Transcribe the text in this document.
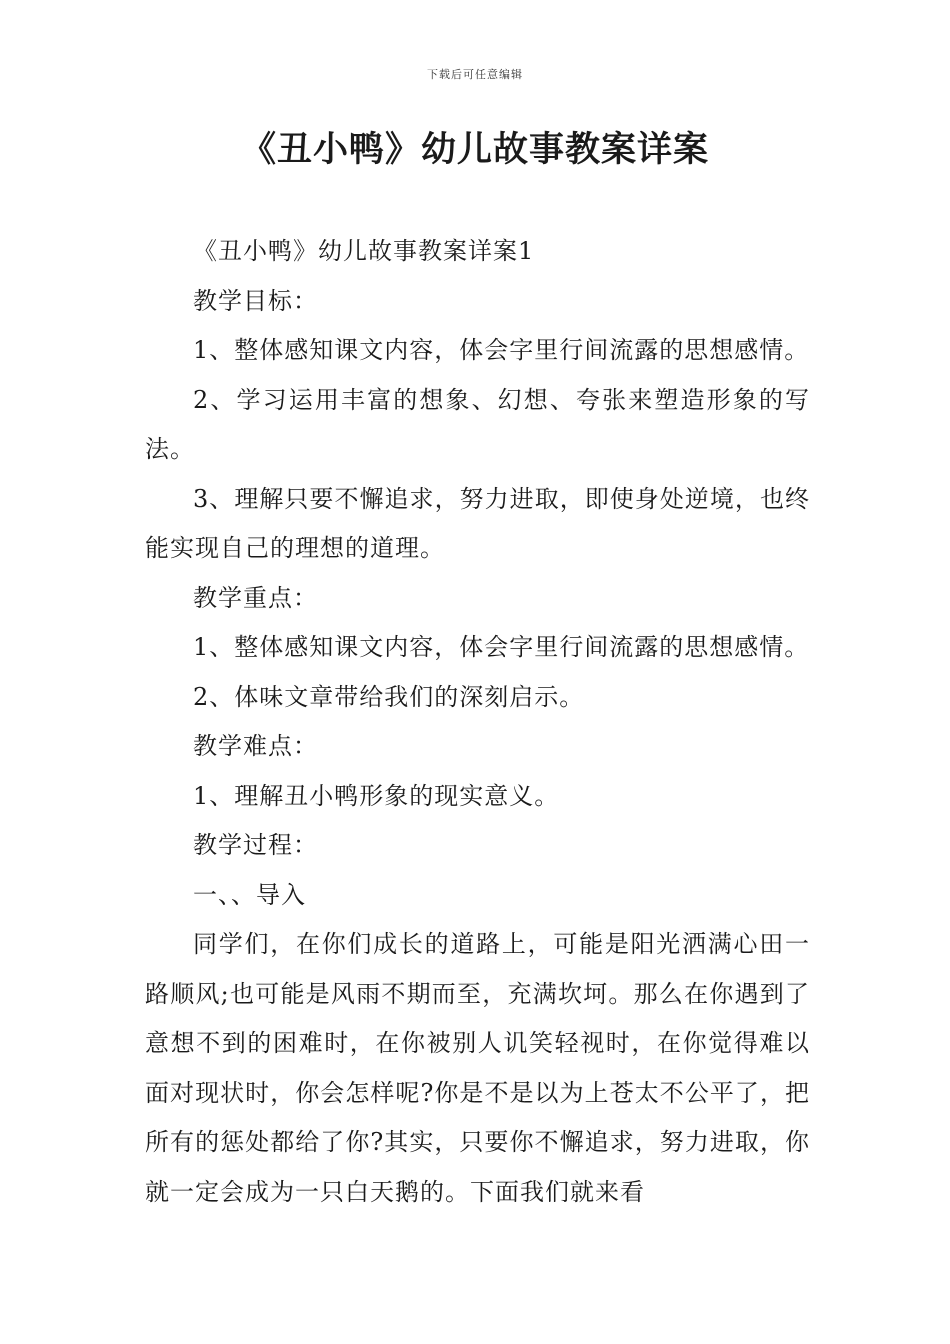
下载后可任意编辑
《丑小鸭》幼儿故事教案详案

《丑小鸭》幼儿故事教案详案1

教学目标：

1、整体感知课文内容，体会字里行间流露的思想感情。

2、学习运用丰富的想象、幻想、夸张来塑造形象的写法。

3、理解只要不懈追求，努力进取，即使身处逆境，也终能实现自己的理想的道理。

教学重点：

1、整体感知课文内容，体会字里行间流露的思想感情。

2、体味文章带给我们的深刻启示。

教学难点：

1、理解丑小鸭形象的现实意义。

教学过程：

一、、导入

同学们，在你们成长的道路上，可能是阳光洒满心田一路顺风;也可能是风雨不期而至，充满坎坷。那么在你遇到了意想不到的困难时，在你被别人讥笑轻视时，在你觉得难以面对现状时，你会怎样呢?你是不是以为上苍太不公平了，把所有的惩处都给了你?其实，只要你不懈追求，努力进取，你就一定会成为一只白天鹅的。下面我们就来看
